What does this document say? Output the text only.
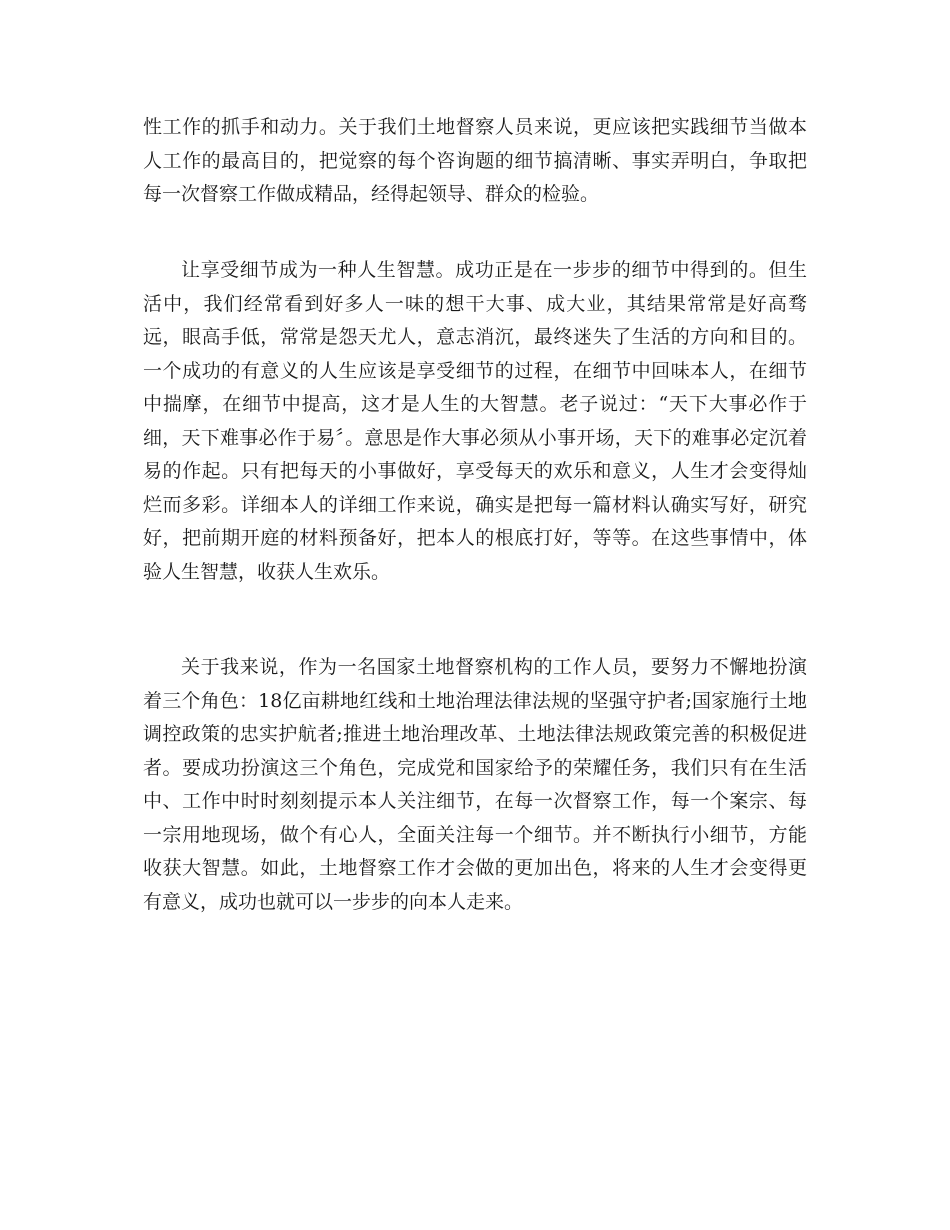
性工作的抓手和动力。关于我们土地督察人员来说，更应该把实践细节当做本人工作的最高目的，把觉察的每个咨询题的细节搞清晰、事实弄明白，争取把每一次督察工作做成精品，经得起领导、群众的检验。

让享受细节成为一种人生智慧。成功正是在一步步的细节中得到的。但生活中，我们经常看到好多人一味的想干大事、成大业，其结果常常是好高骛远，眼高手低，常常是怨天尤人，意志消沉，最终迷失了生活的方向和目的。一个成功的有意义的人生应该是享受细节的过程，在细节中回味本人，在细节中揣摩，在细节中提高，这才是人生的大智慧。老子说过：“天下大事必作于细，天下难事必作于易〞。意思是作大事必须从小事开场，天下的难事必定沉着易的作起。只有把每天的小事做好，享受每天的欢乐和意义，人生才会变得灿烂而多彩。详细本人的详细工作来说，确实是把每一篇材料认确实写好，研究好，把前期开庭的材料预备好，把本人的根底打好，等等。在这些事情中，体验人生智慧，收获人生欢乐。

关于我来说，作为一名国家土地督察机构的工作人员，要努力不懈地扮演着三个角色：18亿亩耕地红线和土地治理法律法规的坚强守护者;国家施行土地调控政策的忠实护航者;推进土地治理改革、土地法律法规政策完善的积极促进者。要成功扮演这三个角色，完成党和国家给予的荣耀任务，我们只有在生活中、工作中时时刻刻提示本人关注细节，在每一次督察工作，每一个案宗、每一宗用地现场，做个有心人，全面关注每一个细节。并不断执行小细节，方能收获大智慧。如此，土地督察工作才会做的更加出色，将来的人生才会变得更有意义，成功也就可以一步步的向本人走来。
